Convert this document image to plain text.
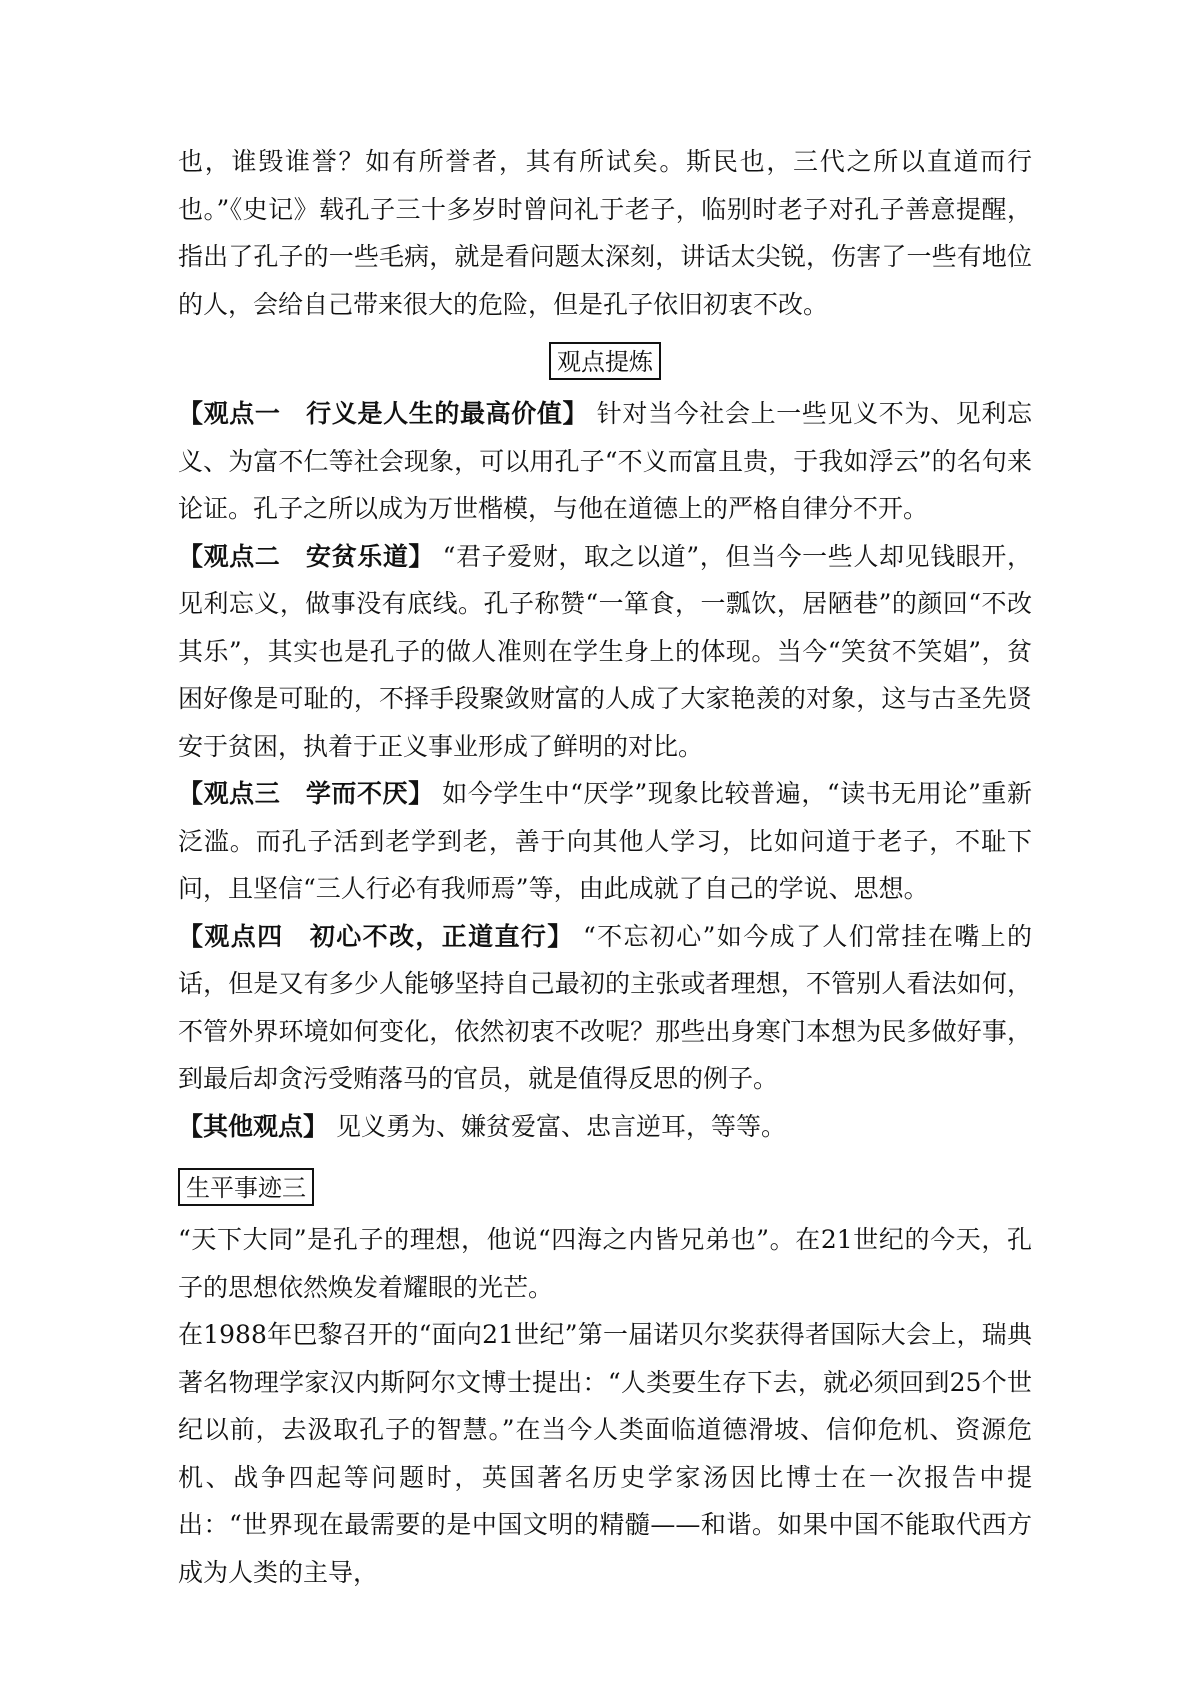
也，谁毁谁誉？如有所誉者，其有所试矣。斯民也，三代之所以直道而行也。”《史记》载孔子三十多岁时曾问礼于老子，临别时老子对孔子善意提醒，指出了孔子的一些毛病，就是看问题太深刻，讲话太尖锐，伤害了一些有地位的人，会给自己带来很大的危险，但是孔子依旧初衷不改。

观点提炼

【观点一　行义是人生的最高价值】 针对当今社会上一些见义不为、见利忘义、为富不仁等社会现象，可以用孔子“不义而富且贵，于我如浮云”的名句来论证。孔子之所以成为万世楷模，与他在道德上的严格自律分不开。

【观点二　安贫乐道】 “君子爱财，取之以道”，但当今一些人却见钱眼开，见利忘义，做事没有底线。孔子称赞“一箪食，一瓢饮，居陋巷”的颜回“不改其乐”，其实也是孔子的做人准则在学生身上的体现。当今“笑贫不笑娼”，贫困好像是可耻的，不择手段聚敛财富的人成了大家艳羡的对象，这与古圣先贤安于贫困，执着于正义事业形成了鲜明的对比。

【观点三　学而不厌】 如今学生中“厌学”现象比较普遍，“读书无用论”重新泛滥。而孔子活到老学到老，善于向其他人学习，比如问道于老子，不耻下问，且坚信“三人行必有我师焉”等，由此成就了自己的学说、思想。

【观点四　初心不改，正道直行】 “不忘初心”如今成了人们常挂在嘴上的话，但是又有多少人能够坚持自己最初的主张或者理想，不管别人看法如何，不管外界环境如何变化，依然初衷不改呢？那些出身寒门本想为民多做好事，到最后却贪污受贿落马的官员，就是值得反思的例子。

【其他观点】 见义勇为、嫌贫爱富、忠言逆耳，等等。

生平事迹三

“天下大同”是孔子的理想，他说“四海之内皆兄弟也”。在21世纪的今天，孔子的思想依然焕发着耀眼的光芒。

在1988年巴黎召开的“面向21世纪”第一届诺贝尔奖获得者国际大会上，瑞典著名物理学家汉内斯阿尔文博士提出：“人类要生存下去，就必须回到25个世纪以前，去汲取孔子的智慧。”在当今人类面临道德滑坡、信仰危机、资源危机、战争四起等问题时，英国著名历史学家汤因比博士在一次报告中提出：“世界现在最需要的是中国文明的精髓——和谐。如果中国不能取代西方成为人类的主导，
